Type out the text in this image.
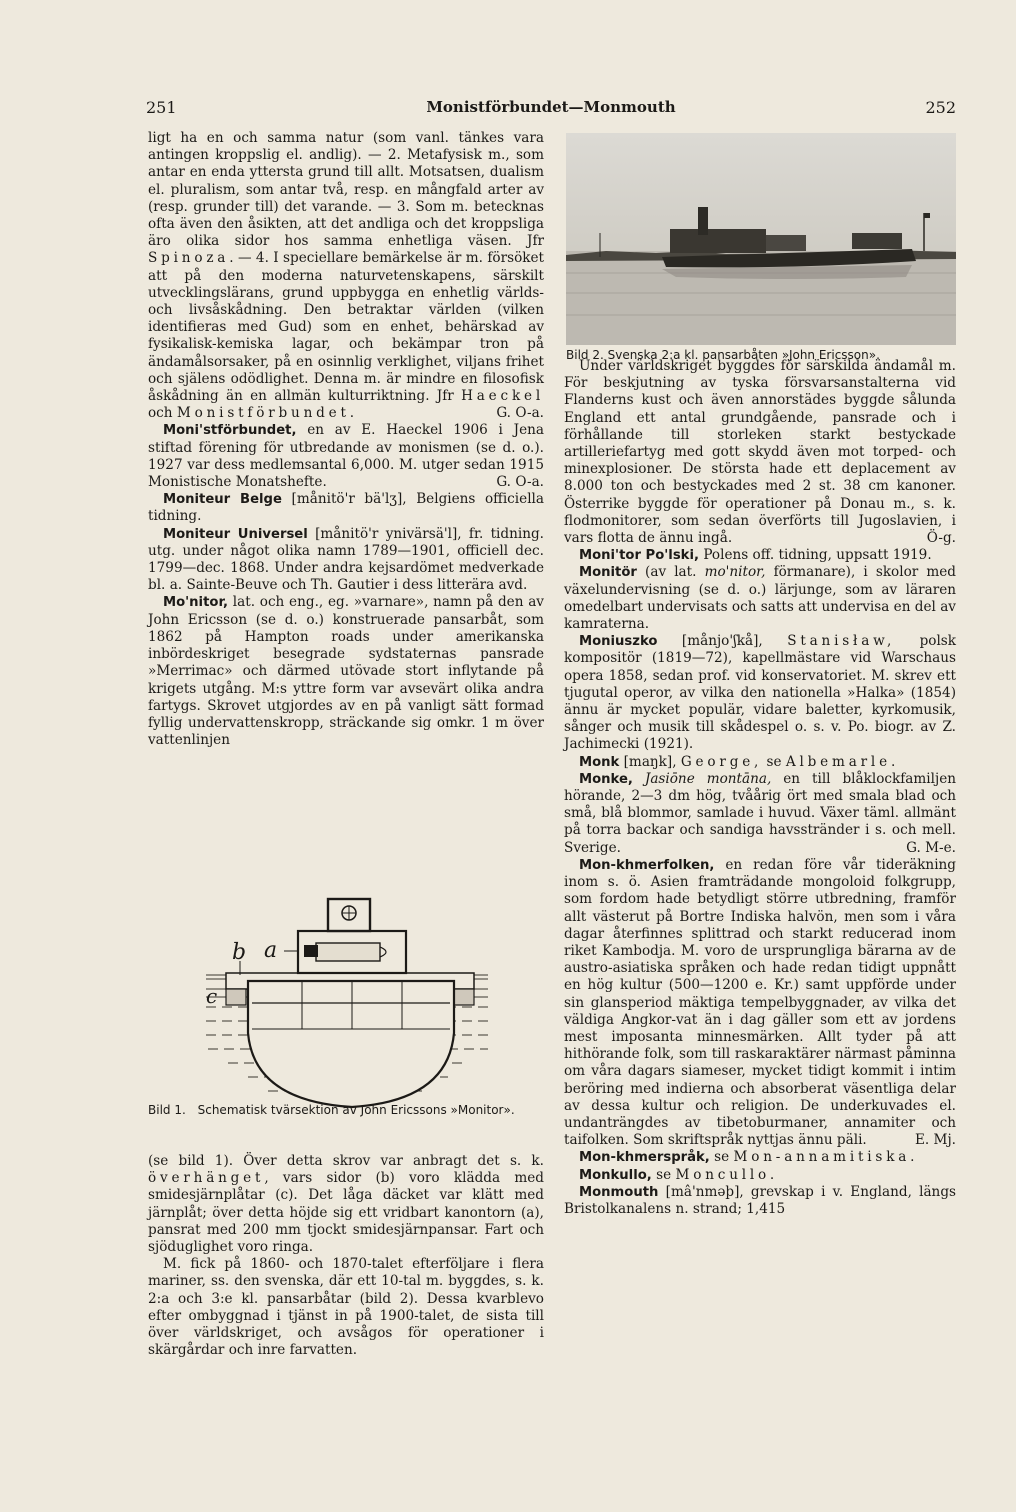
251	Monistförbundet—Monmouth	252

ligt ha en och samma natur (som vanl. tänkes vara antingen kroppslig el. andlig). — 2. Metafysisk m., som antar en enda yttersta grund till allt. Motsatsen, dualism el. pluralism, som antar två, resp. en mångfald arter av (resp. grunder till) det varande. — 3. Som m. betecknas ofta även den åsikten, att det andliga och det kroppsliga äro olika sidor hos samma enhetliga väsen. Jfr Spinoza. — 4. I speciellare bemärkelse är m. försöket att på den moderna naturvetenskapens, särskilt utvecklingslärans, grund uppbygga en enhetlig världs- och livsåskådning. Den betraktar världen (vilken identifieras med Gud) som en enhet, behärskad av fysikalisk-kemiska lagar, och bekämpar tron på ändamålsorsaker, på en osinnlig verklighet, viljans frihet och själens odödlighet. Denna m. är mindre en filosofisk åskådning än en allmän kulturriktning. Jfr Haeckel och Monistförbundet.	G. O-a.

Moni'stförbundet, en av E. Haeckel 1906 i Jena stiftad förening för utbredande av monismen (se d. o.). 1927 var dess medlemsantal 6,000. M. utger sedan 1915 Monistische Monatshefte.	G. O-a.

Moniteur Belge [månitö'r bä'lʒ], Belgiens officiella tidning.

Moniteur Universel [månitö'r ynivärsä'l], fr. tidning. utg. under något olika namn 1789—1901, officiell dec. 1799—dec. 1868. Under andra kejsardömet medverkade bl. a. Sainte-Beuve och Th. Gautier i dess litterära avd.

Mo'nitor, lat. och eng., eg. »varnare», namn på den av John Ericsson (se d. o.) konstruerade pansarbåt, som 1862 på Hampton roads under amerikanska inbördeskriget besegrade sydstaternas pansrade »Merrimac» och därmed utövade stort inflytande på krigets utgång. M:s yttre form var avsevärt olika andra fartygs. Skrovet utgjordes av en på vanligt sätt formad fyllig undervattenskropp, sträckande sig omkr. 1 m över vattenlinjen

a
b
c
Bild 1. Schematisk tvärsektion av John Ericssons »Monitor».

(se bild 1). Över detta skrov var anbragt det s. k. överhänget, vars sidor (b) voro klädda med smidesjärnplåtar (c). Det låga däcket var klätt med järnplåt; över detta höjde sig ett vridbart kanontorn (a), pansrat med 200 mm tjockt smidesjärnpansar. Fart och sjöduglighet voro ringa.

M. fick på 1860- och 1870-talet efterföljare i flera mariner, ss. den svenska, där ett 10-tal m. byggdes, s. k. 2:a och 3:e kl. pansarbåtar (bild 2). Dessa kvarblevo efter ombyggnad i tjänst in på 1900-talet, de sista till över världskriget, och avsågos för operationer i skärgårdar och inre farvatten.

Bild 2. Svenska 2:a kl. pansarbåten »John Ericsson».

Under världskriget byggdes för särskilda ändamål m. För beskjutning av tyska försvarsanstalterna vid Flanderns kust och även annorstädes byggde sålunda England ett antal grundgående, pansrade och i förhållande till storleken starkt bestyckade artilleriefartyg med gott skydd även mot torped- och minexplosioner. De största hade ett deplacement av 8.000 ton och bestyckades med 2 st. 38 cm kanoner. Österrike byggde för operationer på Donau m., s. k. flodmonitorer, som sedan överförts till Jugoslavien, i vars flotta de ännu ingå.	Ö-g.

Moni'tor Po'lski, Polens off. tidning, uppsatt 1919.

Monitör (av lat. mo'nitor, förmanare), i skolor med växelundervisning (se d. o.) lärjunge, som av läraren omedelbart undervisats och satts att undervisa en del av kamraterna.

Moniuszko [månjo'ʃkå], Stanisław, polsk kompositör (1819—72), kapellmästare vid Warschaus opera 1858, sedan prof. vid konservatoriet. M. skrev ett tjugutal operor, av vilka den nationella »Halka» (1854) ännu är mycket populär, vidare baletter, kyrkomusik, sånger och musik till skådespel o. s. v. Po. biogr. av Z. Jachimecki (1921).

Monk [maŋk], George, se Albemarle.

Monke, Jasiōne montāna, en till blåklockfamiljen hörande, 2—3 dm hög, tvåårig ört med smala blad och små, blå blommor, samlade i huvud. Växer täml. allmänt på torra backar och sandiga havsstränder i s. och mell. Sverige.	G. M-e.

Mon-khmerfolken, en redan före vår tideräkning inom s. ö. Asien framträdande mongoloid folkgrupp, som fordom hade betydligt större utbredning, framför allt västerut på Bortre Indiska halvön, men som i våra dagar återfinnes splittrad och starkt reducerad inom riket Kambodja. M. voro de ursprungliga bärarna av de austro-asiatiska språken och hade redan tidigt uppnått en hög kultur (500—1200 e. Kr.) samt uppförde under sin glansperiod mäktiga tempelbyggnader, av vilka det väldiga Angkor-vat än i dag gäller som ett av jordens mest imposanta minnesmärken. Allt tyder på att hithörande folk, som till raskaraktärer närmast påminna om våra dagars siameser, mycket tidigt kommit i intim beröring med indierna och absorberat väsentliga delar av dessa kultur och religion. De underkuvades el. undanträngdes av tibetoburmaner, annamiter och taifolken. Som skriftspråk nyttjas ännu päli.	E. Mj.

Mon-khmerspråk, se Mon-annamitiska.

Monkullo, se Moncullo.

Monmouth [mâ'nməþ], grevskap i v. England, längs Bristolkanalens n. strand; 1,415
